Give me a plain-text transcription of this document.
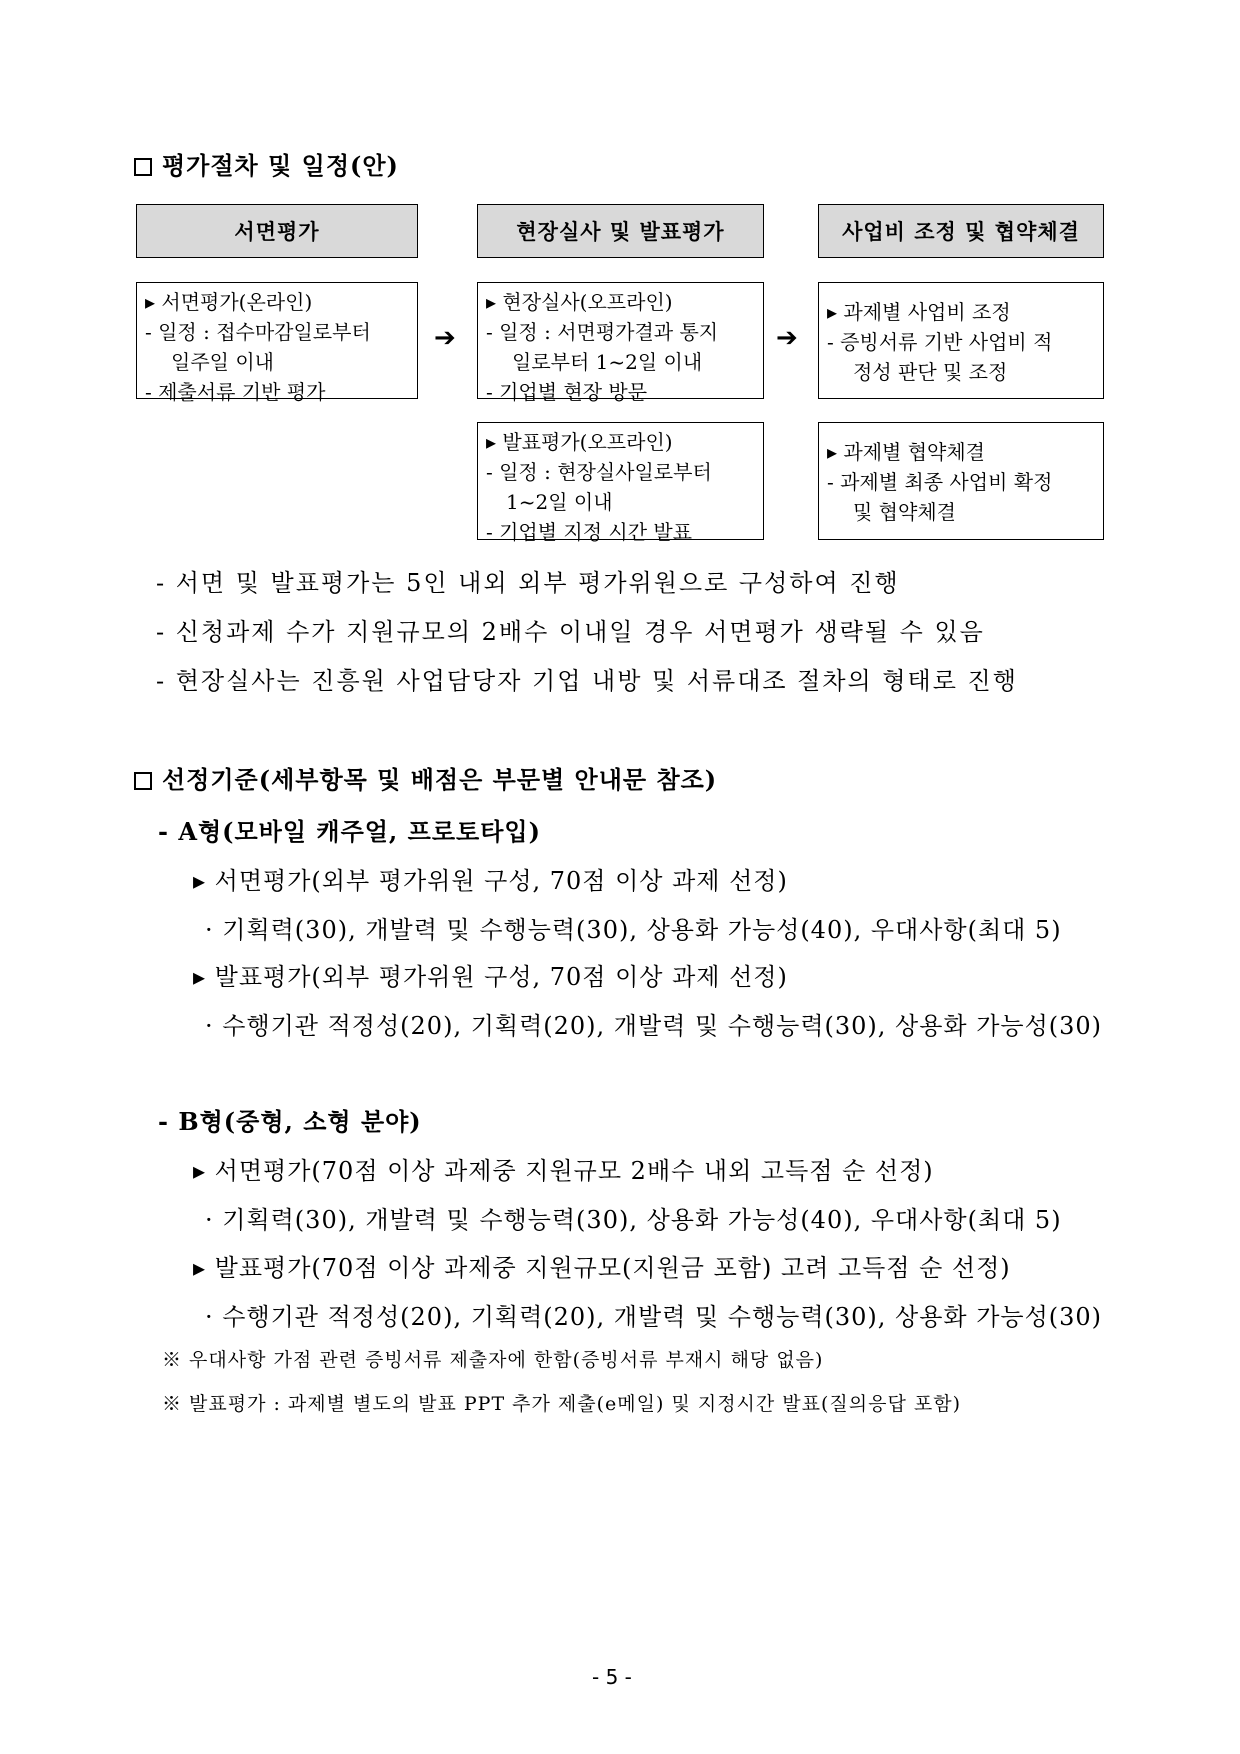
평가절차 및 일정(안)
서면평가	현장실사 및 발표평가	사업비 조정 및 협약체결
▸ 서면평가(온라인)
- 일정 : 접수마감일로부터
일주일 이내
- 제출서류 기반 평가
➔
▸ 현장실사(오프라인)
- 일정 : 서면평가결과 통지
일로부터 1~2일 이내
- 기업별 현장 방문
➔
▸ 과제별 사업비 조정
- 증빙서류 기반 사업비 적
정성 판단 및 조정
▸ 발표평가(오프라인)
- 일정 : 현장실사일로부터
1~2일 이내
- 기업별 지정 시간 발표
▸ 과제별 협약체결
- 과제별 최종 사업비 확정
및 협약체결
- 서면 및 발표평가는 5인 내외 외부 평가위원으로 구성하여 진행
- 신청과제 수가 지원규모의 2배수 이내일 경우 서면평가 생략될 수 있음
- 현장실사는 진흥원 사업담당자 기업 내방 및 서류대조 절차의 형태로 진행
선정기준(세부항목 및 배점은 부문별 안내문 참조)
- A형(모바일 캐주얼, 프로토타입)
▸ 서면평가(외부 평가위원 구성, 70점 이상 과제 선정)
· 기획력(30), 개발력 및 수행능력(30), 상용화 가능성(40), 우대사항(최대 5)
▸ 발표평가(외부 평가위원 구성, 70점 이상 과제 선정)
· 수행기관 적정성(20), 기획력(20), 개발력 및 수행능력(30), 상용화 가능성(30)
- B형(중형, 소형 분야)
▸ 서면평가(70점 이상 과제중 지원규모 2배수 내외 고득점 순 선정)
· 기획력(30), 개발력 및 수행능력(30), 상용화 가능성(40), 우대사항(최대 5)
▸ 발표평가(70점 이상 과제중 지원규모(지원금 포함) 고려 고득점 순 선정)
· 수행기관 적정성(20), 기획력(20), 개발력 및 수행능력(30), 상용화 가능성(30)
※ 우대사항 가점 관련 증빙서류 제출자에 한함(증빙서류 부재시 해당 없음)
※ 발표평가 : 과제별 별도의 발표 PPT 추가 제출(e메일) 및 지정시간 발표(질의응답 포함)
- 5 -
